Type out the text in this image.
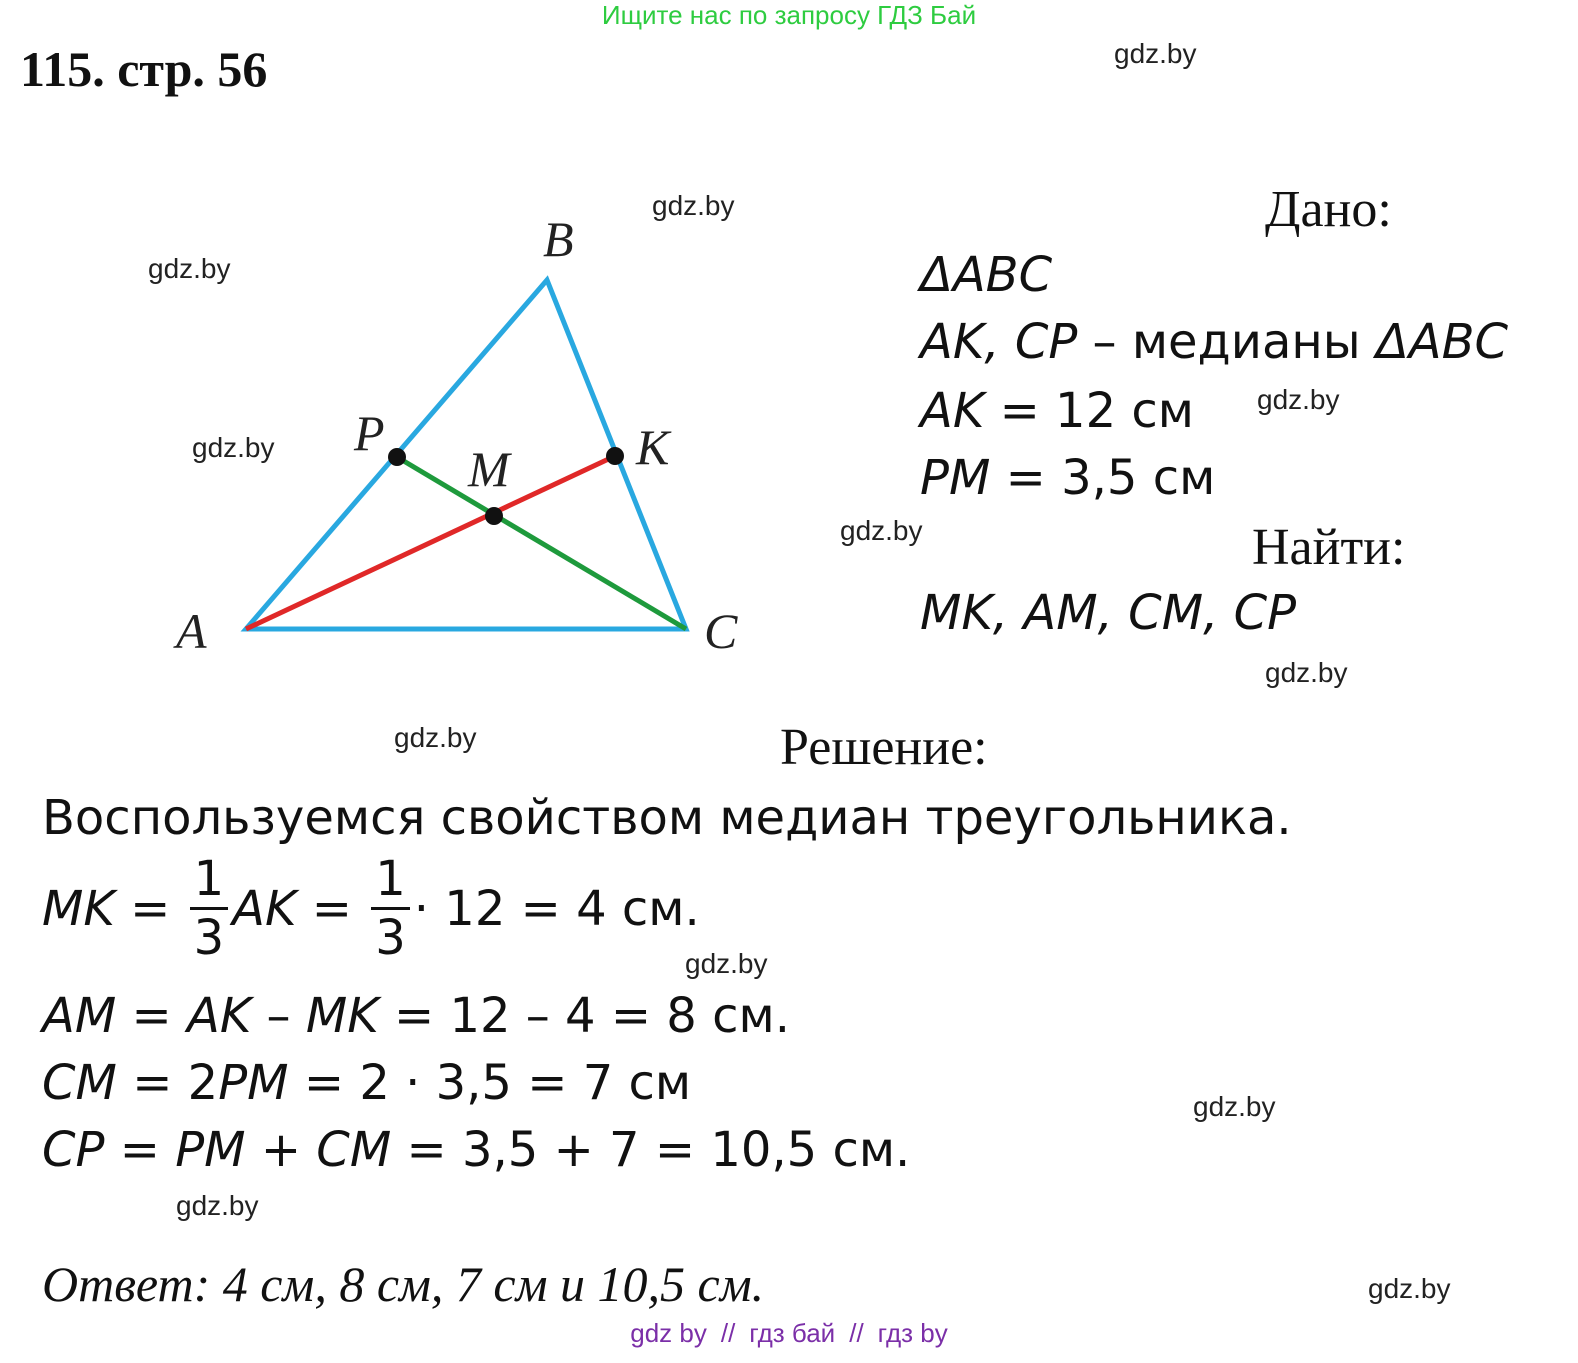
Ищите нас по запросу ГДЗ Бай
115. стр. 56	gdz.by
gdz.by
gdz.by
gdz.by
gdz.by
gdz.by
gdz.by
gdz.by
gdz.by
gdz.by
gdz.by
gdz.by
B
P	K
M
A	C
Дано:
ΔABC
AK, CP – медианы ΔABC
AK = 12 см
PM = 3,5 см
Найти:
MK, AM, CM, CP
Решение:
Воспользуемся свойством медиан треугольника.
MK = $\frac{1}{3}$ AK = $\frac{1}{3} \cdot 12 = 4$ см.
AM = AK – MK = 12 – 4 = 8 см.
CM = 2PM = 2 · 3,5 = 7 см
CP = PM + CM = 3,5 + 7 = 10,5 см.
Ответ: 4 см, 8 см, 7 см и 10,5 см.
gdz by // гдз бай // гдз by
